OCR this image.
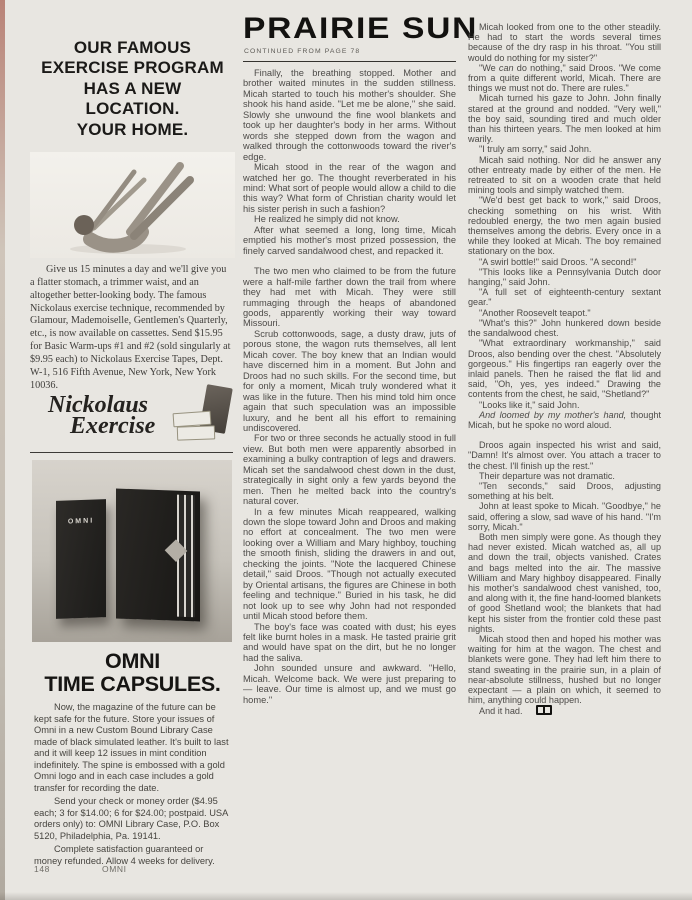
OUR FAMOUS
EXERCISE PROGRAM
HAS A NEW
LOCATION.
YOUR HOME.
Give us 15 minutes a day and we'll give you a flatter stomach, a trimmer waist, and an altogether better-looking body. The famous Nickolaus exercise technique, recommended by Glamour, Mademoiselle, Gentlemen's Quarterly, etc., is now available on cassettes. Send $15.95 for Basic Warm-ups #1 and #2 (sold singularly at $9.95 each) to Nickolaus Exercise Tapes, Dept. W-1, 516 Fifth Avenue, New York, New York 10036.
Nickolaus
Exercise
OMNI
OMNI
TIME CAPSULES.
Now, the magazine of the future can be kept safe for the future. Store your issues of Omni in a new Custom Bound Library Case made of black simulated leather. It's built to last and it will keep 12 issues in mint condition indefinitely. The spine is embossed with a gold Omni logo and in each case includes a gold transfer for recording the date.
Send your check or money order ($4.95 each; 3 for $14.00; 6 for $24.00; postpaid. USA orders only) to: OMNI Library Case, P.O. Box 5120, Philadelphia, Pa. 19141.
Complete satisfaction guaranteed or money refunded. Allow 4 weeks for delivery.
148	OMNI
PRAIRIE SUN
CONTINUED FROM PAGE 78
Finally, the breathing stopped. Mother and brother waited minutes in the sudden stillness. Micah started to touch his mother's shoulder. She shook his hand aside. "Let me be alone," she said. Slowly she unwound the fine wool blankets and took up her daughter's body in her arms. Without words she stepped down from the wagon and walked through the cottonwoods toward the river's edge.
Micah stood in the rear of the wagon and watched her go. The thought reverberated in his mind: What sort of people would allow a child to die this way? What form of Christian charity would let his sister perish in such a fashion?
He realized he simply did not know.
After what seemed a long, long time, Micah emptied his mother's most prized possession, the finely carved sandalwood chest, and repacked it.
The two men who claimed to be from the future were a half-mile farther down the trail from where they had met with Micah. They were still rummaging through the heaps of abandoned goods, apparently working their way toward Missouri.
Scrub cottonwoods, sage, a dusty draw, juts of porous stone, the wagon ruts themselves, all lent Micah cover. The boy knew that an Indian would have discerned him in a moment. But John and Droos had no such skills. For the second time, but for only a moment, Micah truly wondered what it was like in the future. Then his mind told him once again that such speculation was an impossible luxury, and he bent all his effort to remaining undiscovered.
For two or three seconds he actually stood in full view. But both men were apparently absorbed in examining a bulky contraption of legs and drawers. Micah set the sandalwood chest down in the dust, strategically in sight only a few yards beyond the men. Then he melted back into the country's natural cover.
In a few minutes Micah reappeared, walking down the slope toward John and Droos and making no effort at concealment. The two men were looking over a William and Mary highboy, touching the smooth finish, sliding the drawers in and out, checking the joints. "Note the lacquered Chinese detail," said Droos. "Though not actually executed by Oriental artisans, the figures are Chinese in both feeling and technique." Buried in his task, he did not look up to see why John had not responded until Micah stood before them.
The boy's face was coated with dust; his eyes felt like burnt holes in a mask. He tasted prairie grit and would have spat on the dirt, but he no longer had the saliva.
John sounded unsure and awkward. "Hello, Micah. Welcome back. We were just preparing to — leave. Our time is almost up, and we must go home."
Micah looked from one to the other steadily. He had to start the words several times because of the dry rasp in his throat. "You still would do nothing for my sister?"
"We can do nothing," said Droos. "We come from a quite different world, Micah. There are things we must not do. There are rules."
Micah turned his gaze to John. John finally stared at the ground and nodded. "Very well," the boy said, sounding tired and much older than his thirteen years. The men looked at him warily.
"I truly am sorry," said John.
Micah said nothing. Nor did he answer any other entreaty made by either of the men. He retreated to sit on a wooden crate that held mining tools and simply watched them.
"We'd best get back to work," said Droos, checking something on his wrist. With redoubled energy, the two men again busied themselves among the debris. Every once in a while they looked at Micah. The boy remained stationary on the box.
"A swirl bottle!" said Droos. "A second!"
"This looks like a Pennsylvania Dutch door hanging," said John.
"A full set of eighteenth-century sextant gear."
"Another Roosevelt teapot."
"What's this?" John hunkered down beside the sandalwood chest.
"What extraordinary workmanship," said Droos, also bending over the chest. "Absolutely gorgeous." His fingertips ran eagerly over the inlaid panels. Then he raised the flat lid and said, "Oh, yes, yes indeed." Drawing the contents from the chest, he said, "Shetland?"
"Looks like it," said John.
And loomed by my mother's hand, thought Micah, but he spoke no word aloud.
Droos again inspected his wrist and said, "Damn! It's almost over. You attach a tracer to the chest. I'll finish up the rest."
Their departure was not dramatic.
"Ten seconds," said Droos, adjusting something at his belt.
John at least spoke to Micah. "Goodbye," he said, offering a slow, sad wave of his hand. "I'm sorry, Micah."
Both men simply were gone. As though they had never existed. Micah watched as, all up and down the trail, objects vanished. Crates and bags melted into the air. The massive William and Mary highboy disappeared. Finally his mother's sandalwood chest vanished, too, and along with it, the fine hand-loomed blankets of good Shetland wool; the blankets that had kept his sister from the frontier cold these past nights.
Micah stood then and hoped his mother was waiting for him at the wagon. The chest and blankets were gone. They had left him there to stand sweating in the prairie sun, in a plain of near-absolute stillness, hushed but no longer expectant — a plain on which, it seemed to him, anything could happen.
And it had.
